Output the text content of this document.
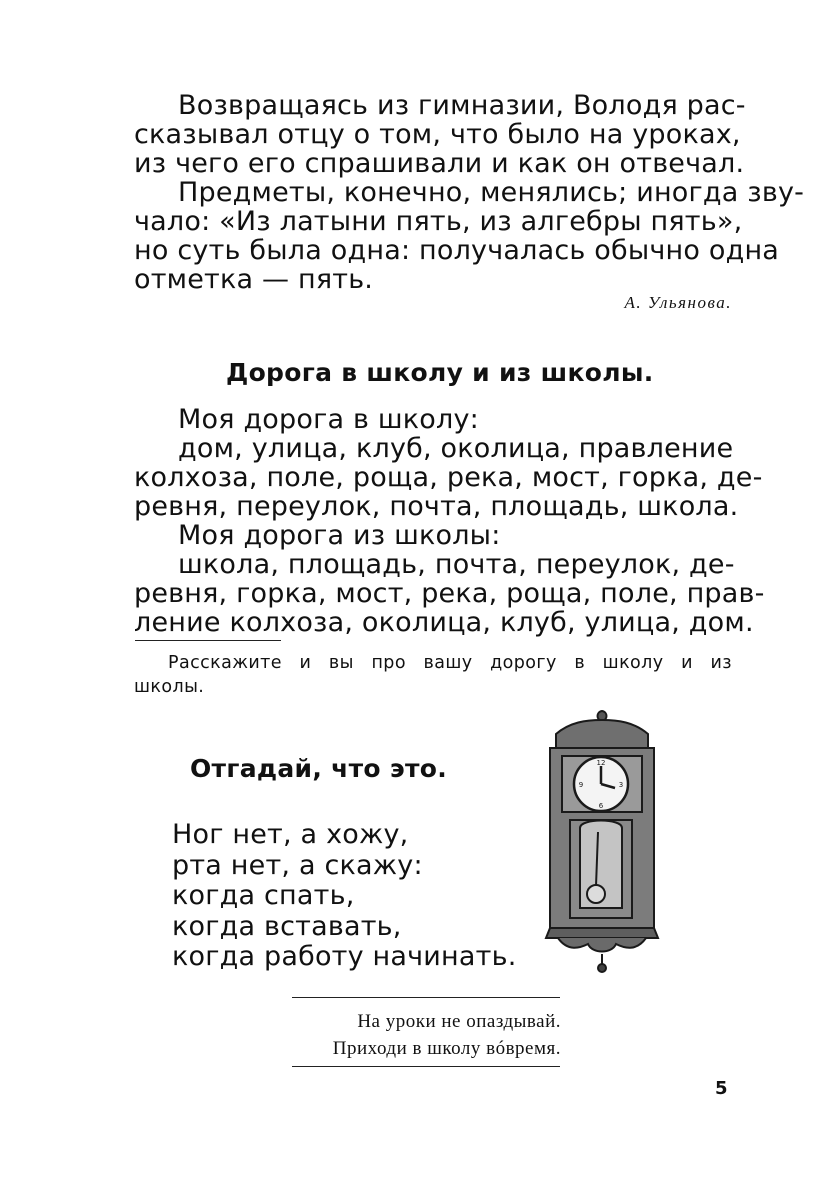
Возвращаясь из гимназии, Володя рас-
сказывал отцу о том, что было на уроках,
из чего его спрашивали и как он отвечал.
Предметы, конечно, менялись; иногда зву-
чало: «Из латыни пять, из алгебры пять»,
но суть была одна: получалась обычно одна
отметка — пять.
А. Ульянова.
Дорога в школу и из школы.
Моя дорога в школу:
дом, улица, клуб, околица, правление
колхоза, поле, роща, река, мост, горка, де-
ревня, переулок, почта, площадь, школа.
Моя дорога из школы:
школа, площадь, почта, переулок, де-
ревня, горка, мост, река, роща, поле, прав-
ление колхоза, околица, клуб, улица, дом.
Расскажите и вы про вашу дорогу в школу и из
школы.
Отгадай, что это.
Ног нет, а хожу,
рта нет, а скажу:
когда спать,
когда вставать,
когда работу начинать.
12
3
6
9
На уроки не опаздывай.
Приходи в школу вóвремя.
5
